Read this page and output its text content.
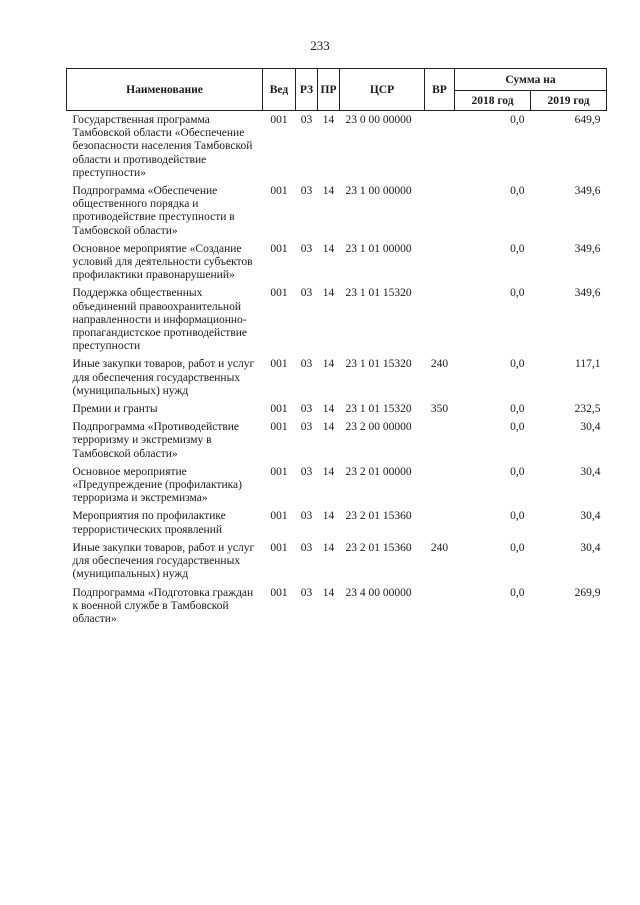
233
Наименование	Вед	РЗ	ПР	ЦСР	ВР	Сумма на	
						2018 год	2019 год
Государственная программа Тамбовской области «Обеспечение безопасности населения Тамбовской области и противодействие преступности»	001	03	14	23 0 00 00000		0,0	649,9
Подпрограмма «Обеспечение общественного порядка и противодействие преступности в Тамбовской области»	001	03	14	23 1 00 00000		0,0	349,6
Основное мероприятие «Создание условий для деятельности субъектов профилактики правонарушений»	001	03	14	23 1 01 00000		0,0	349,6
Поддержка общественных объединений правоохранительной направленности и информационно-пропагандистское противодействие преступности	001	03	14	23 1 01 15320		0,0	349,6
Иные закупки товаров, работ и услуг для обеспечения государственных (муниципальных) нужд	001	03	14	23 1 01 15320	240	0,0	117,1
Премии и гранты	001	03	14	23 1 01 15320	350	0,0	232,5
Подпрограмма «Противодействие терроризму и экстремизму в Тамбовской области»	001	03	14	23 2 00 00000		0,0	30,4
Основное мероприятие «Предупреждение (профилактика) терроризма и экстремизма»	001	03	14	23 2 01 00000		0,0	30,4
Мероприятия по профилактике террористических проявлений	001	03	14	23 2 01 15360		0,0	30,4
Иные закупки товаров, работ и услуг для обеспечения государственных (муниципальных) нужд	001	03	14	23 2 01 15360	240	0,0	30,4
Подпрограмма «Подготовка граждан к военной службе в Тамбовской области»	001	03	14	23 4 00 00000		0,0	269,9
